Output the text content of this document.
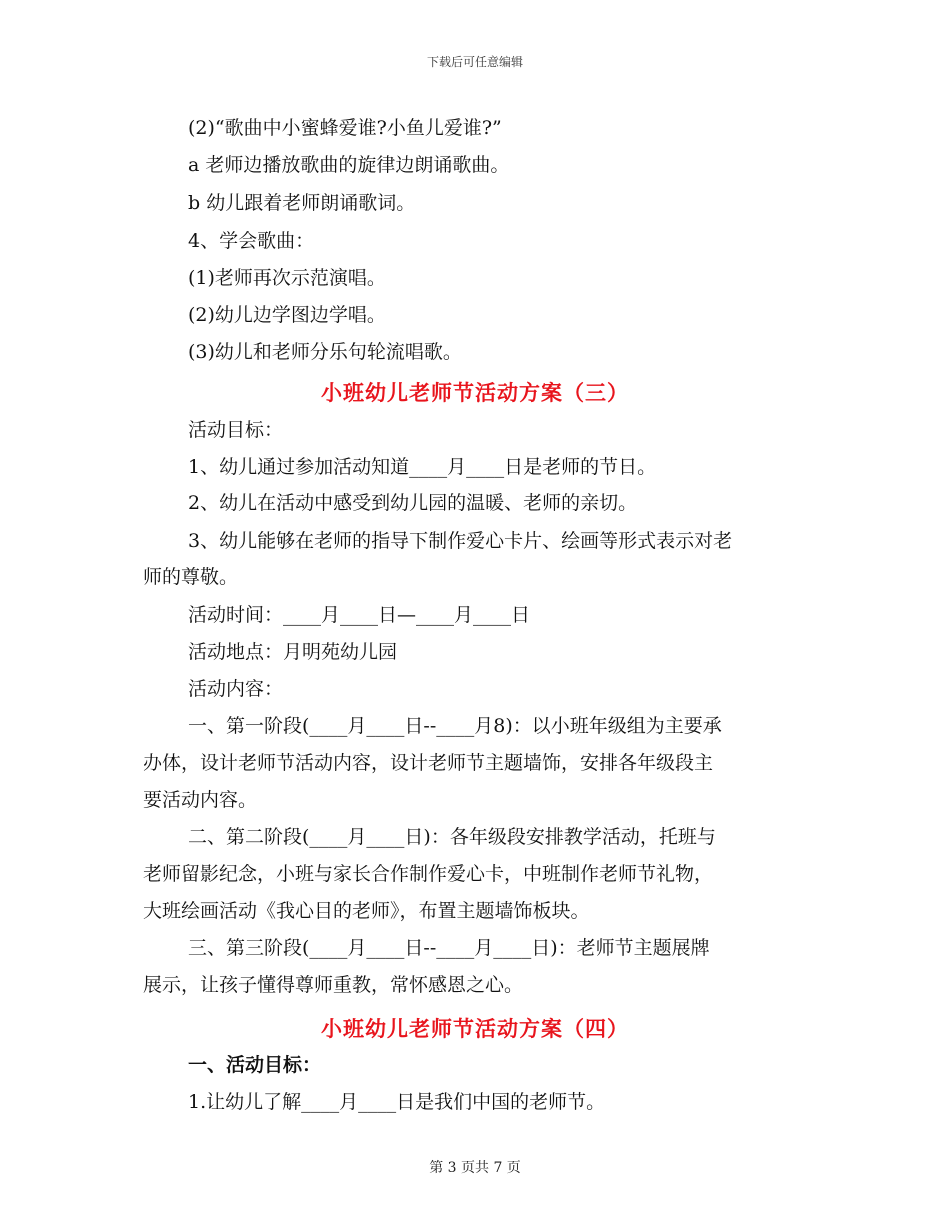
下载后可任意编辑
(2)“歌曲中小蜜蜂爱谁?小鱼儿爱谁?”
a 老师边播放歌曲的旋律边朗诵歌曲。
b 幼儿跟着老师朗诵歌词。
4、学会歌曲：
(1)老师再次示范演唱。
(2)幼儿边学图边学唱。
(3)幼儿和老师分乐句轮流唱歌。
小班幼儿老师节活动方案（三）
活动目标：
1、幼儿通过参加活动知道____月____日是老师的节日。
2、幼儿在活动中感受到幼儿园的温暖、老师的亲切。
3、幼儿能够在老师的指导下制作爱心卡片、绘画等形式表示对老
师的尊敬。
活动时间：____月____日—____月____日
活动地点：月明苑幼儿园
活动内容：
一、第一阶段(____月____日--____月8)：以小班年级组为主要承
办体，设计老师节活动内容，设计老师节主题墙饰，安排各年级段主
要活动内容。
二、第二阶段(____月____日)：各年级段安排教学活动，托班与
老师留影纪念，小班与家长合作制作爱心卡，中班制作老师节礼物，
大班绘画活动《我心目的老师》，布置主题墙饰板块。
三、第三阶段(____月____日--____月____日)：老师节主题展牌
展示，让孩子懂得尊师重教，常怀感恩之心。
小班幼儿老师节活动方案（四）
一、活动目标：
1.让幼儿了解____月____日是我们中国的老师节。
第 3 页共 7 页
